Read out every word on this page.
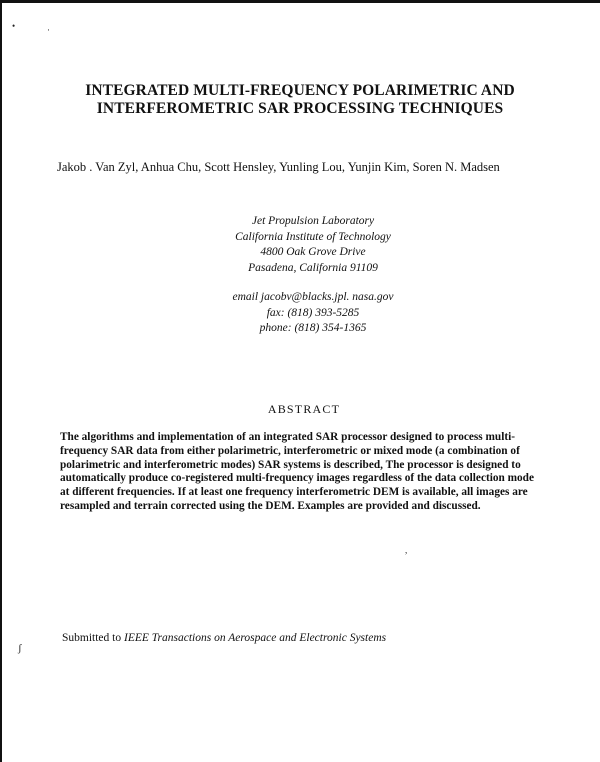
•	·
,
ʃ
INTEGRATED MULTI-FREQUENCY POLARIMETRIC AND
INTERFEROMETRIC SAR PROCESSING TECHNIQUES
Jakob . Van Zyl, Anhua Chu, Scott Hensley, Yunling Lou, Yunjin Kim, Soren N. Madsen
Jet Propulsion Laboratory
California Institute of Technology
4800 Oak Grove Drive
Pasadena, California 91109
email jacobv@blacks.jpl. nasa.gov
fax: (818) 393-5285
phone: (818) 354-1365
ABSTRACT
The algorithms and implementation of an integrated SAR processor designed to process multi-frequency SAR data from either polarimetric, interferometric or mixed mode (a combination of polarimetric and interferometric modes) SAR systems is described, The processor is designed to automatically produce co-registered multi-frequency images regardless of the data collection mode at different frequencies. If at least one frequency interferometric DEM is available, all images are resampled and terrain corrected using the DEM. Examples are provided and discussed.
Submitted to IEEE Transactions on Aerospace and Electronic Systems
